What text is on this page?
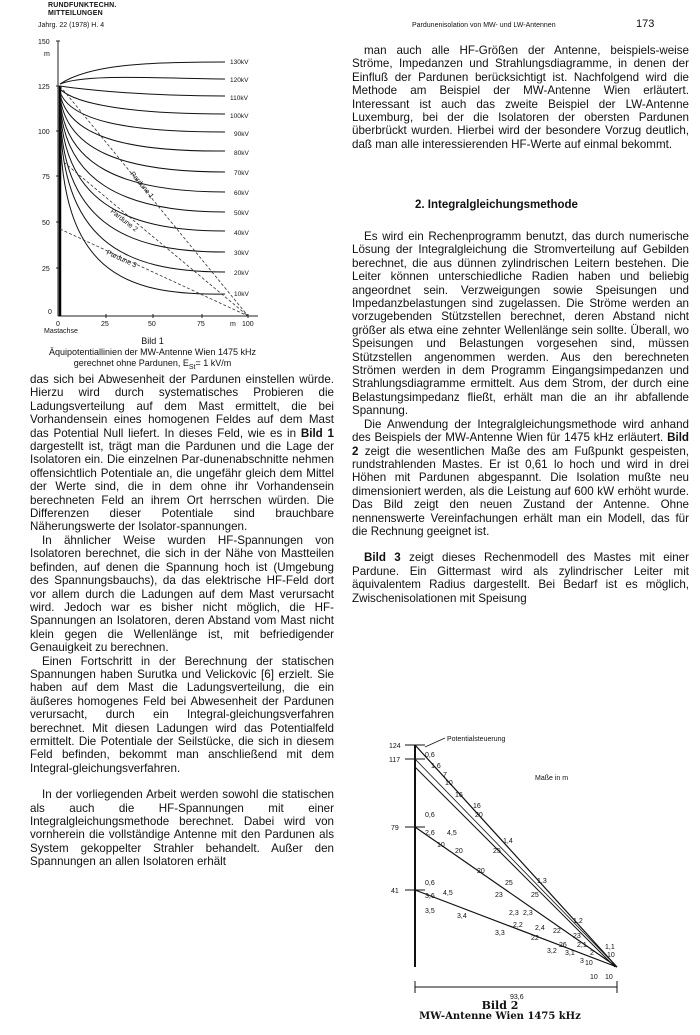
RUNDFUNKTECHN. MITTEILUNGEN
Jahrg. 22 (1978) H. 4	Pardunenisolation von MW- und LW-Antennen	173
150
m
125
100
75
50
25
0
0	25	50	75	m 100
Mastachse
130kV
120kV
110kV
100kV
90kV
80kV
70kV
60kV
50kV
40kV
30kV
20kV
10kV
Pardune 1
Pardune 2
Pardune 3
Bild 1
Äquipotentiallinien der MW-Antenne Wien 1475 kHz
gerechnet ohne Pardunen, $E_{St}= 1$ kV/m

das sich bei Abwesenheit der Pardunen einstellen würde. Hierzu wird durch systematisches Probieren die Ladungsverteilung auf dem Mast ermittelt, die bei Vorhandensein eines homogenen Feldes auf dem Mast das Potential Null liefert. In dieses Feld, wie es in Bild 1 dargestellt ist, trägt man die Pardunen und die Lage der Isolatoren ein. Die einzelnen Par-dunenabschnitte nehmen offensichtlich Potentiale an, die ungefähr gleich dem Mittel der Werte sind, die in dem ohne ihr Vorhandensein berechneten Feld an ihrem Ort herrschen würden. Die Differenzen dieser Potentiale sind brauchbare Näherungswerte der Isolator-spannungen.

In ähnlicher Weise wurden HF-Spannungen von Isolatoren berechnet, die sich in der Nähe von Mastteilen befinden, auf denen die Spannung hoch ist (Umgebung des Spannungsbauchs), da das elektrische HF-Feld dort vor allem durch die Ladungen auf dem Mast verursacht wird. Jedoch war es bisher nicht möglich, die HF-Spannungen an Isolatoren, deren Abstand vom Mast nicht klein gegen die Wellenlänge ist, mit befriedigender Genauigkeit zu berechnen.

Einen Fortschritt in der Berechnung der statischen Spannungen haben Surutka und Velickovic [6] erzielt. Sie haben auf dem Mast die Ladungsverteilung, die ein äußeres homogenes Feld bei Abwesenheit der Pardunen verursacht, durch ein Integral-gleichungsverfahren berechnet. Mit diesen Ladungen wird das Potentialfeld ermittelt. Die Potentiale der Seilstücke, die sich in diesem Feld befinden, bekommt man anschließend mit dem Integral-gleichungsverfahren.

In der vorliegenden Arbeit werden sowohl die statischen als auch die HF-Spannungen mit einer Integralgleichungsmethode berechnet. Dabei wird von vornherein die vollständige Antenne mit den Pardunen als System gekoppelter Strahler behandelt. Außer den Spannungen an allen Isolatoren erhält

man auch alle HF-Größen der Antenne, beispiels-weise Ströme, Impedanzen und Strahlungsdiagramme, in denen der Einfluß der Pardunen berücksichtigt ist. Nachfolgend wird die Methode am Beispiel der MW-Antenne Wien erläutert. Interessant ist auch das zweite Beispiel der LW-Antenne Luxemburg, bei der die Isolatoren der obersten Pardunen überbrückt wurden. Hierbei wird der besondere Vorzug deutlich, daß man alle interessierenden HF-Werte auf einmal bekommt.

2. Integralgleichungsmethode

Es wird ein Rechenprogramm benutzt, das durch numerische Lösung der Integralgleichung die Stromverteilung auf Gebilden berechnet, die aus dünnen zylindrischen Leitern bestehen. Die Leiter können unterschiedliche Radien haben und beliebig angeordnet sein. Verzweigungen sowie Speisungen und Impedanzbelastungen sind zugelassen. Die Ströme werden an vorzugebenden Stützstellen berechnet, deren Abstand nicht größer als etwa eine zehnter Wellenlänge sein sollte. Überall, wo Speisungen und Belastungen vorgesehen sind, müssen Stützstellen angenommen werden. Aus den berechneten Strömen werden in dem Programm Eingangsimpedanzen und Strahlungsdiagramme ermittelt. Aus dem Strom, der durch eine Belastungsimpedanz fließt, erhält man die an ihr abfallende Spannung.

Die Anwendung der Integralgleichungsmethode wird anhand des Beispiels der MW-Antenne Wien für 1475 kHz erläutert. Bild 2 zeigt die wesentlichen Maße des am Fußpunkt gespeisten, rundstrahlenden Mastes. Er ist 0,61 lo hoch und wird in drei Höhen mit Pardunen abgespannt. Die Isolation mußte neu dimensioniert werden, als die Leistung auf 600 kW erhöht wurde. Das Bild zeigt den neuen Zustand der Antenne. Ohne nennenswerte Vereinfachungen erhält man ein Modell, das für die Rechnung geeignet ist.

Bild 3 zeigt dieses Rechenmodell des Mastes mit einer Pardune. Ein Gittermast wird als zylindrischer Leiter mit äquivalentem Radius dargestellt. Bei Bedarf ist es möglich, Zwischenisolationen mit Speisung

Potentialsteuerung
Maße in m
124
117
79
41
93,6
10 10
0,6
1,6
7
10
16
16
20
1,4
25
1,3
25
1,2
23
1,1
10
0,6
2,6 4,5
10
20
20
25
23
2,3
2,4 22
26 2,1
2
10
0,6
3,6 4,5
3,5
3,4
2,2
3,3
2,3
3,1
3,2
22
3
Bild 2
MW-Antenne Wien 1475 kHz
